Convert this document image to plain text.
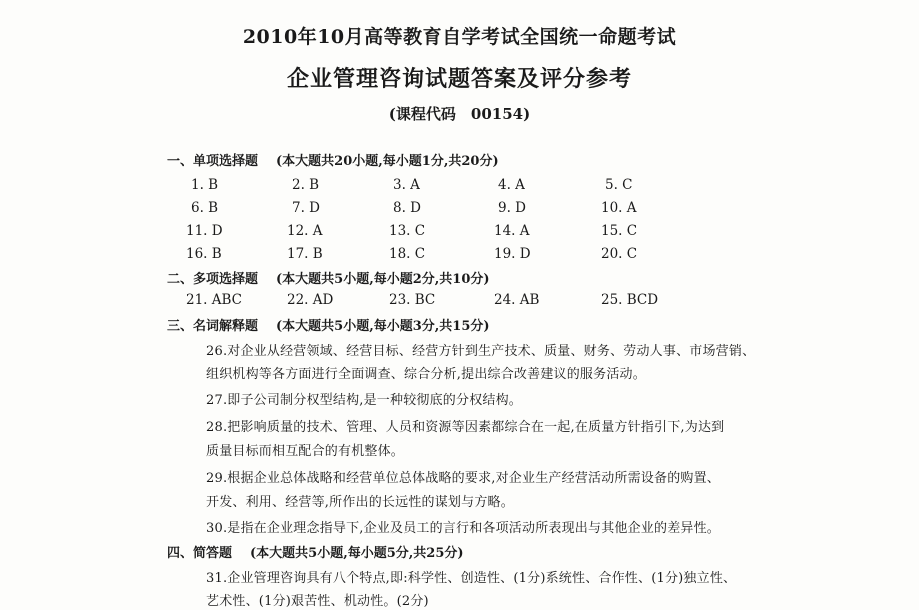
2010年10月高等教育自学考试全国统一命题考试
企业管理咨询试题答案及评分参考
(课程代码　00154)
一、单项选择题 (本大题共20小题,每小题1分,共20分)
1. B	2. B	3. A	4. A	5. C
6. B	7. D	8. D	9. D	10. A
11. D	12. A	13. C	14. A	15. C
16. B	17. B	18. C	19. D	20. C
二、多项选择题 (本大题共5小题,每小题2分,共10分)
21. ABC	22. AD	23. BC	24. AB	25. BCD
三、名词解释题 (本大题共5小题,每小题3分,共15分)
26.对企业从经营领域、经营目标、经营方针到生产技术、质量、财务、劳动人事、市场营销、
组织机构等各方面进行全面调查、综合分析,提出综合改善建议的服务活动。
27.即子公司制分权型结构,是一种较彻底的分权结构。
28.把影响质量的技术、管理、人员和资源等因素都综合在一起,在质量方针指引下,为达到
质量目标而相互配合的有机整体。
29.根据企业总体战略和经营单位总体战略的要求,对企业生产经营活动所需设备的购置、
开发、利用、经营等,所作出的长远性的谋划与方略。
30.是指在企业理念指导下,企业及员工的言行和各项活动所表现出与其他企业的差异性。
四、简答题 (本大题共5小题,每小题5分,共25分)
31.企业管理咨询具有八个特点,即:科学性、创造性、(1分)系统性、合作性、(1分)独立性、
艺术性、(1分)艰苦性、机动性。(2分)
